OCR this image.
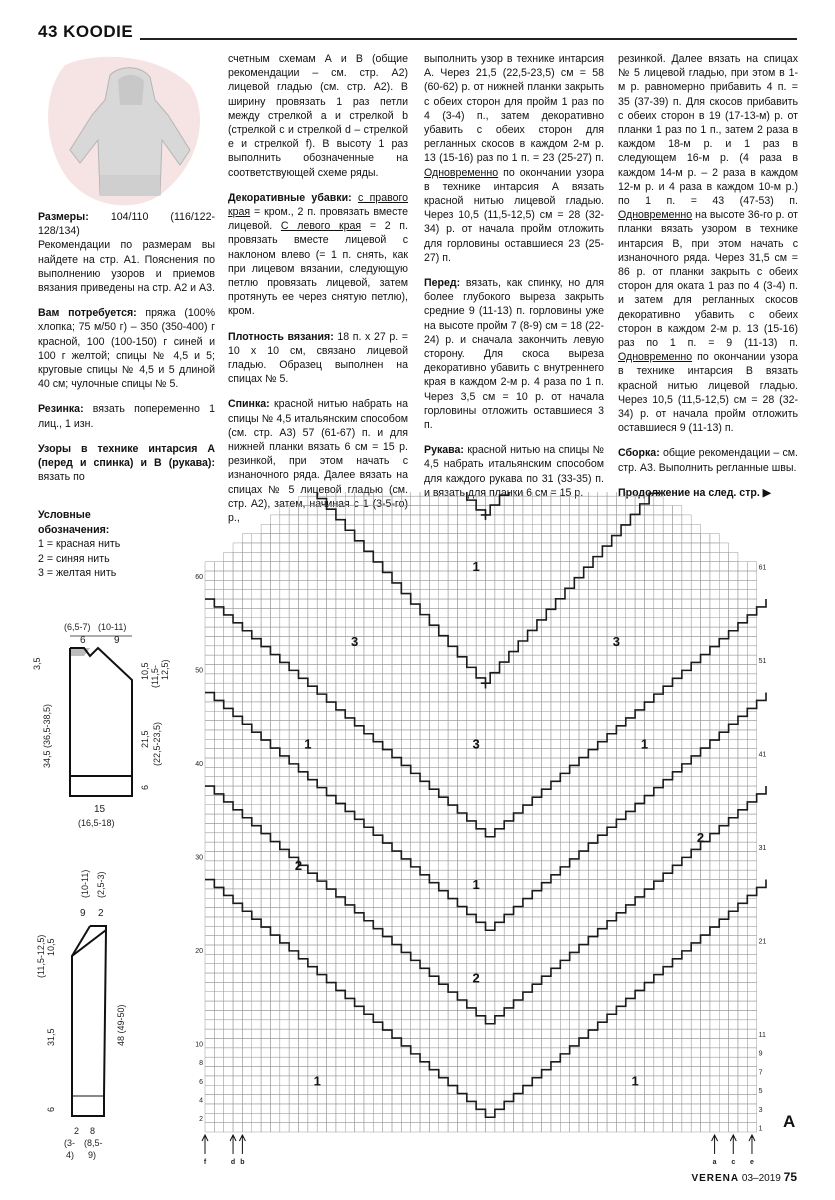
43 KOODIE

Размеры: 104/110 (116/122-128/134)
Рекомендации по размерам вы найдете на стр. А1. Пояснения по выполнению узоров и приемов вязания приведены на стр. А2 и А3.

Вам потребуется: пряжа (100% хлопка; 75 м/50 г) – 350 (350-400) г красной, 100 (100-150) г синей и 100 г желтой; спицы № 4,5 и 5; круговые спицы № 4,5 и 5 длиной 40 см; чулочные спицы № 5.

Резинка: вязать попеременно 1 лиц., 1 изн.

Узоры в технике интарсия А (перед и спинка) и В (рукава): вязать по

счетным схемам А и В (общие рекомендации – см. стр. А2) лицевой гладью (см. стр. А2). В ширину провязать 1 раз петли между стрелкой a и стрелкой b (стрелкой c и стрелкой d – стрелкой e и стрелкой f). В высоту 1 раз выполнить обозначенные на соответствующей схеме ряды.

Декоративные убавки: с правого края = кром., 2 п. провязать вместе лицевой. С левого края = 2 п. провязать вместе лицевой с наклоном влево (= 1 п. снять, как при лицевом вязании, следующую петлю провязать лицевой, затем протянуть ее через снятую петлю), кром.

Плотность вязания: 18 п. х 27 р. = 10 х 10 см, связано лицевой гладью. Образец выполнен на спицах № 5.

Спинка: красной нитью набрать на спицы № 4,5 итальянским способом (см. стр. А3) 57 (61-67) п. и для нижней планки вязать 6 см = 15 р. резинкой, при этом начать с изнаночного ряда. Далее вязать на спицах № 5 лицевой гладью (см. стр. А2), затем, начиная с 1 (3-5-го) р.,

выполнить узор в технике интарсия А. Через 21,5 (22,5-23,5) см = 58 (60-62) р. от нижней планки закрыть с обеих сторон для пройм 1 раз по 4 (3-4) п., затем декоративно убавить с обеих сторон для регланных скосов в каждом 2-м р. 13 (15-16) раз по 1 п. = 23 (25-27) п. Одновременно по окончании узора в технике интарсия А вязать красной нитью лицевой гладью. Через 10,5 (11,5-12,5) см = 28 (32-34) р. от начала пройм отложить для горловины оставшиеся 23 (25-27) п.

Перед: вязать, как спинку, но для более глубокого выреза закрыть средние 9 (11-13) п. горловины уже на высоте пройм 7 (8-9) см = 18 (22-24) р. и сначала закончить левую сторону. Для скоса выреза декоративно убавить с внутреннего края в каждом 2-м р. 4 раза по 1 п. Через 3,5 см = 10 р. от начала горловины отложить оставшиеся 3 п.

Рукава: красной нитью на спицы № 4,5 набрать итальянским способом для каждого рукава по 31 (33-35) п. и вязать для планки 6 см = 15 р.

резинкой. Далее вязать на спицах № 5 лицевой гладью, при этом в 1-м р. равномерно прибавить 4 п. = 35 (37-39) п. Для скосов прибавить с обеих сторон в 19 (17-13-м) р. от планки 1 раз по 1 п., затем 2 раза в каждом 18-м р. и 1 раз в следующем 16-м р. (4 раза в каждом 14-м р. – 2 раза в каждом 12-м р. и 4 раза в каждом 10-м р.) по 1 п. = 43 (47-53) п. Одновременно на высоте 36-го р. от планки вязать узором в технике интарсия В, при этом начать с изнаночного ряда. Через 31,5 см = 86 р. от планки закрыть с обеих сторон для оката 1 раз по 4 (3-4) п. и затем для регланных скосов декоративно убавить с обеих сторон в каждом 2-м р. 13 (15-16) раз по 1 п. = 9 (11-13) п. Одновременно по окончании узора в технике интарсия В вязать красной нитью лицевой гладью. Через 10,5 (11,5-12,5) см = 28 (32-34) р. от начала пройм отложить оставшиеся 9 (11-13) п.

Сборка: общие рекомендации – см. стр. А3. Выполнить регланные швы.

Продолжение на след. стр. ▶

Условные
обозначения:
1 = красная нить
2 = синяя нить
3 = желтая нить
(6,5-7) (10-11)
6	9
3,5
34,5 (36,5-38,5)
10,5 (11,5- 12,5)
21,5 (22,5-23,5)
6
15
(16,5-18)
(10-11) (2,5-3)
9 2
(11,5-12,5) 10,5
31,5	48 (49-50)
6
2 8
(3-
4)
(8,5-
9)
2
4
6
8
10
20
30
40
50
60
1
3
5
7
9
11
21
31
41
51
61
1
3	3
1	3	1
2
1
2
2
1	1
f	d b	a c e
A
VERENA 03–2019 75
